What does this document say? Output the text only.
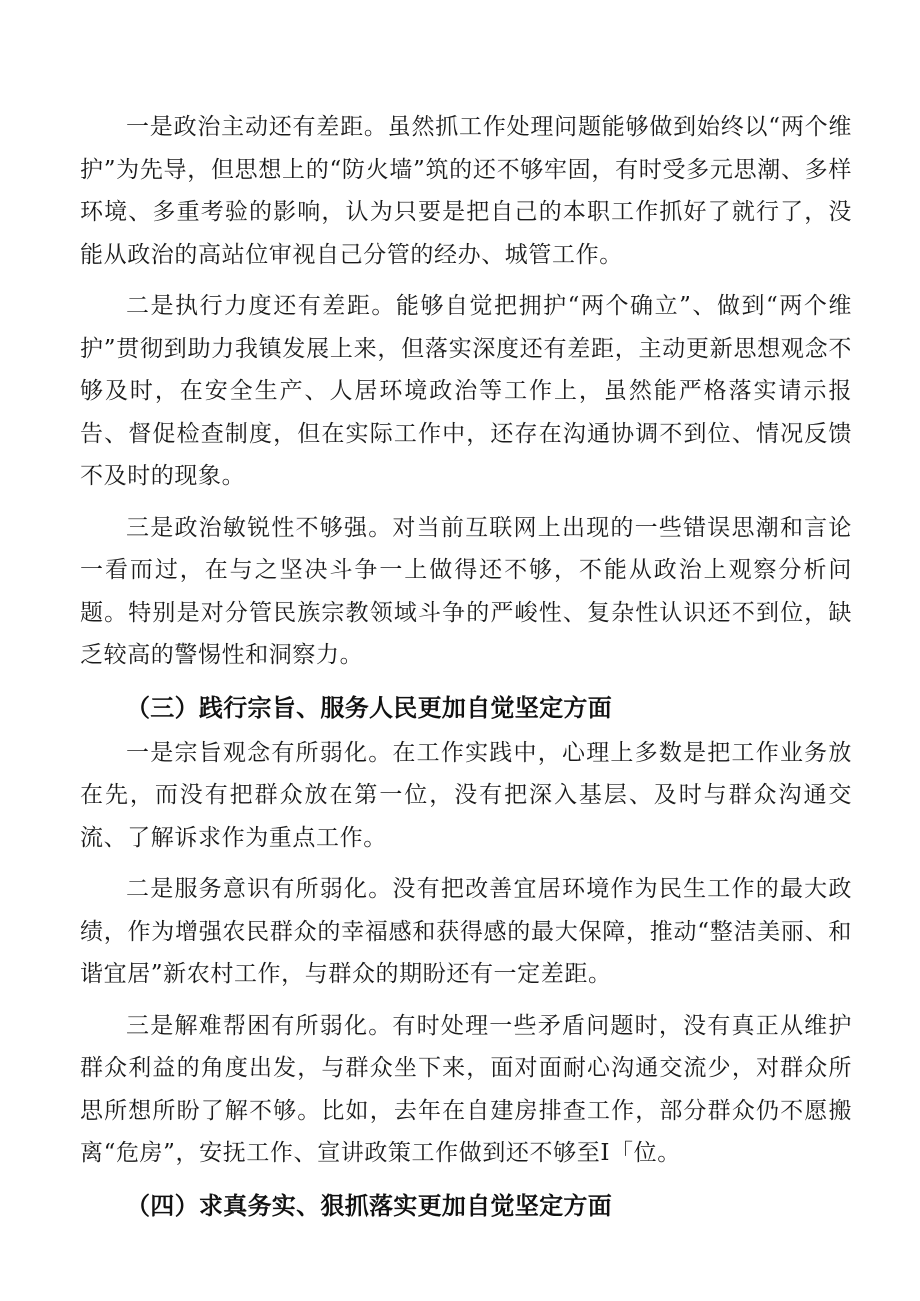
一是政治主动还有差距。虽然抓工作处理问题能够做到始终以“两个维护”为先导，但思想上的“防火墙”筑的还不够牢固，有时受多元思潮、多样环境、多重考验的影响，认为只要是把自己的本职工作抓好了就行了，没能从政治的高站位审视自己分管的经办、城管工作。

二是执行力度还有差距。能够自觉把拥护“两个确立”、做到“两个维护”贯彻到助力我镇发展上来，但落实深度还有差距，主动更新思想观念不够及时，在安全生产、人居环境政治等工作上，虽然能严格落实请示报告、督促检查制度，但在实际工作中，还存在沟通协调不到位、情况反馈不及时的现象。

三是政治敏锐性不够强。对当前互联网上出现的一些错误思潮和言论一看而过，在与之坚决斗争一上做得还不够，不能从政治上观察分析问题。特别是对分管民族宗教领域斗争的严峻性、复杂性认识还不到位，缺乏较高的警惕性和洞察力。

（三）践行宗旨、服务人民更加自觉坚定方面

一是宗旨观念有所弱化。在工作实践中，心理上多数是把工作业务放在先，而没有把群众放在第一位，没有把深入基层、及时与群众沟通交流、了解诉求作为重点工作。

二是服务意识有所弱化。没有把改善宜居环境作为民生工作的最大政绩，作为增强农民群众的幸福感和获得感的最大保障，推动“整洁美丽、和谐宜居”新农村工作，与群众的期盼还有一定差距。

三是解难帮困有所弱化。有时处理一些矛盾问题时，没有真正从维护群众利益的角度出发，与群众坐下来，面对面耐心沟通交流少，对群众所思所想所盼了解不够。比如，去年在自建房排查工作，部分群众仍不愿搬离“危房”，安抚工作、宣讲政策工作做到还不够至I「位。

（四）求真务实、狠抓落实更加自觉坚定方面
